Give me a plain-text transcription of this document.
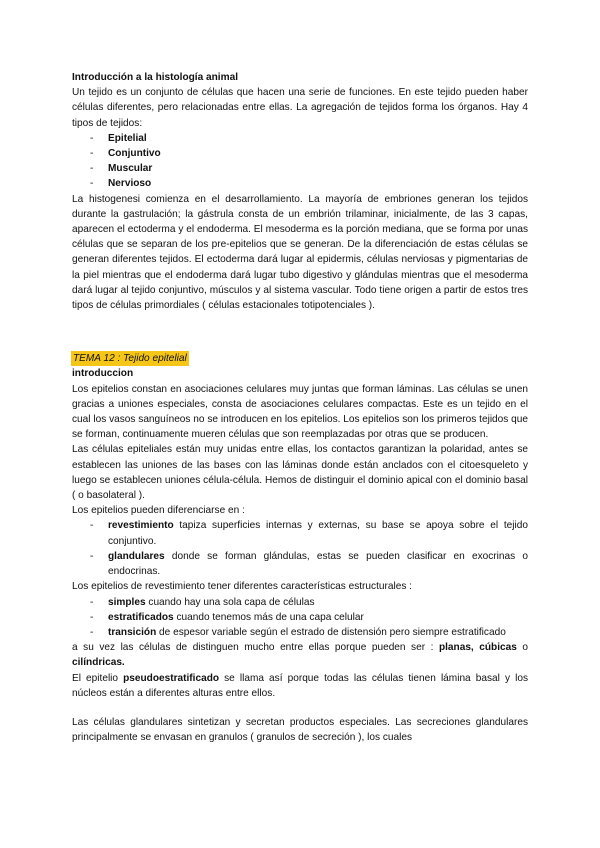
Introducción a la histología animal

Un tejido es un conjunto de células que hacen una serie de funciones. En este tejido pueden haber células diferentes, pero relacionadas entre ellas. La agregación de tejidos forma los órganos. Hay 4 tipos de tejidos:

- Epitelial
- Conjuntivo
- Muscular
- Nervioso

La histogenesi comienza en el desarrollamiento. La mayoría de embriones generan los tejidos durante la gastrulación; la gástrula consta de un embrión trilaminar, inicialmente, de las 3 capas, aparecen el ectoderma y el endoderma. El mesoderma es la porción mediana, que se forma por unas células que se separan de los pre-epitelios que se generan. De la diferenciación de estas células se generan diferentes tejidos. El ectoderma dará lugar al epidermis, células nerviosas y pigmentarias de la piel mientras que el endoderma dará lugar tubo digestivo y glándulas mientras que el mesoderma dará lugar al tejido conjuntivo, músculos y al sistema vascular. Todo tiene origen a partir de estos tres tipos de células primordiales ( células estacionales totipotenciales ).

TEMA 12 : Tejido epitelial
introduccion

Los epitelios constan en asociaciones celulares muy juntas que forman láminas. Las células se unen gracias a uniones especiales, consta de asociaciones celulares compactas. Este es un tejido en el cual los vasos sanguíneos no se introducen en los epitelios. Los epitelios son los primeros tejidos que se forman, continuamente mueren células que son reemplazadas por otras que se producen.

Las células epiteliales están muy unidas entre ellas, los contactos garantizan la polaridad, antes se establecen las uniones de las bases con las láminas donde están anclados con el citoesqueleto y luego se establecen uniones célula-célula. Hemos de distinguir el dominio apical con el dominio basal ( o basolateral ).

Los epitelios pueden diferenciarse en :

- revestimiento tapiza superficies internas y externas, su base se apoya sobre el tejido conjuntivo.
- glandulares donde se forman glándulas, estas se pueden clasificar en exocrinas o endocrinas.

Los epitelios de revestimiento tener diferentes características estructurales :

- simples cuando hay una sola capa de células
- estratificados cuando tenemos más de una capa celular
- transición de espesor variable según el estrado de distensión pero siempre estratificado

a su vez las células de distinguen mucho entre ellas porque pueden ser : planas, cúbicas o cilíndricas.

El epitelio pseudoestratificado se llama así porque todas las células tienen lámina basal y los núcleos están a diferentes alturas entre ellos.

Las células glandulares sintetizan y secretan productos especiales. Las secreciones glandulares principalmente se envasan en granulos ( granulos de secreción ), los cuales
